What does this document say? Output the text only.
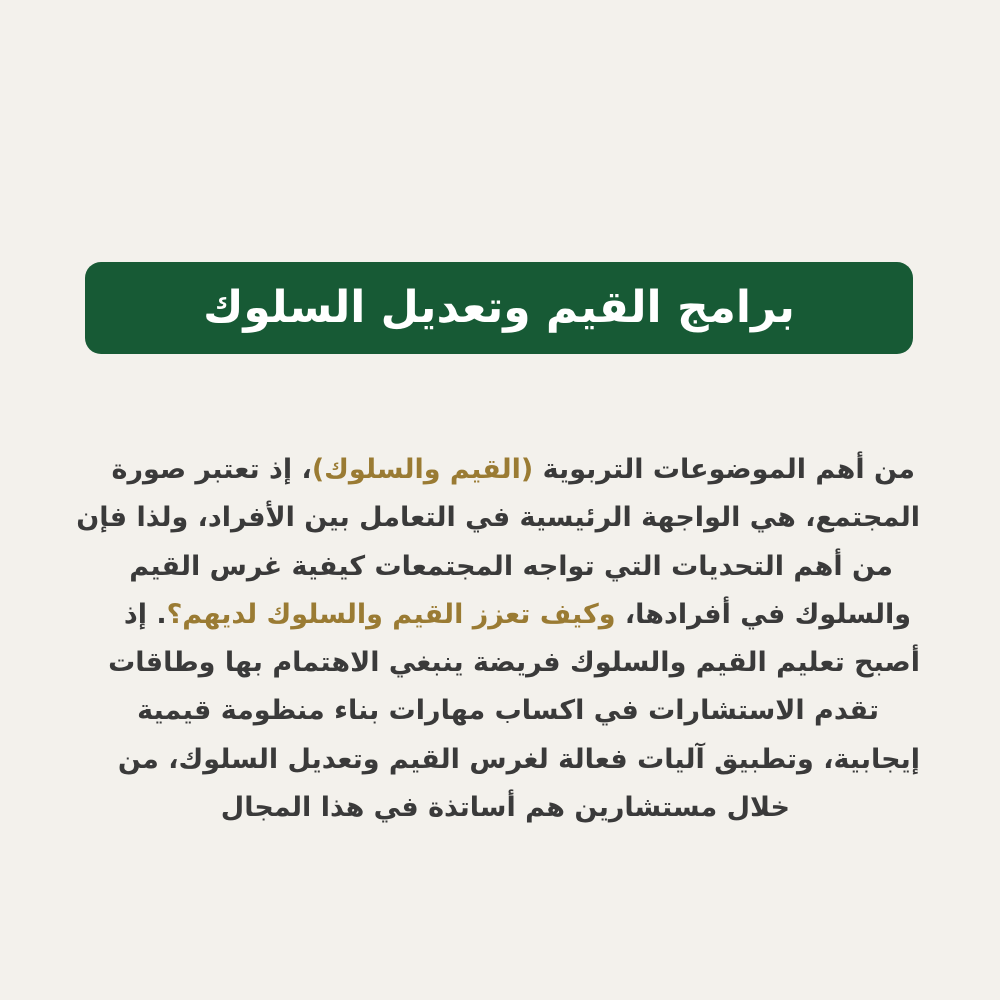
برامج القيم وتعديل السلوك
من أهم الموضوعات التربوية (القيم والسلوك)، إذ تعتبر صورة
المجتمع، هي الواجهة الرئيسية في التعامل بين الأفراد، ولذا فإن
من أهم التحديات التي تواجه المجتمعات كيفية غرس القيم
والسلوك في أفرادها، وكيف تعزز القيم والسلوك لديهم؟. إذ
أصبح تعليم القيم والسلوك فريضة ينبغي الاهتمام بها وطاقات
تقدم الاستشارات في اكساب مهارات بناء منظومة قيمية
إيجابية، وتطبيق آليات فعالة لغرس القيم وتعديل السلوك، من
خلال مستشارين هم أساتذة في هذا المجال
